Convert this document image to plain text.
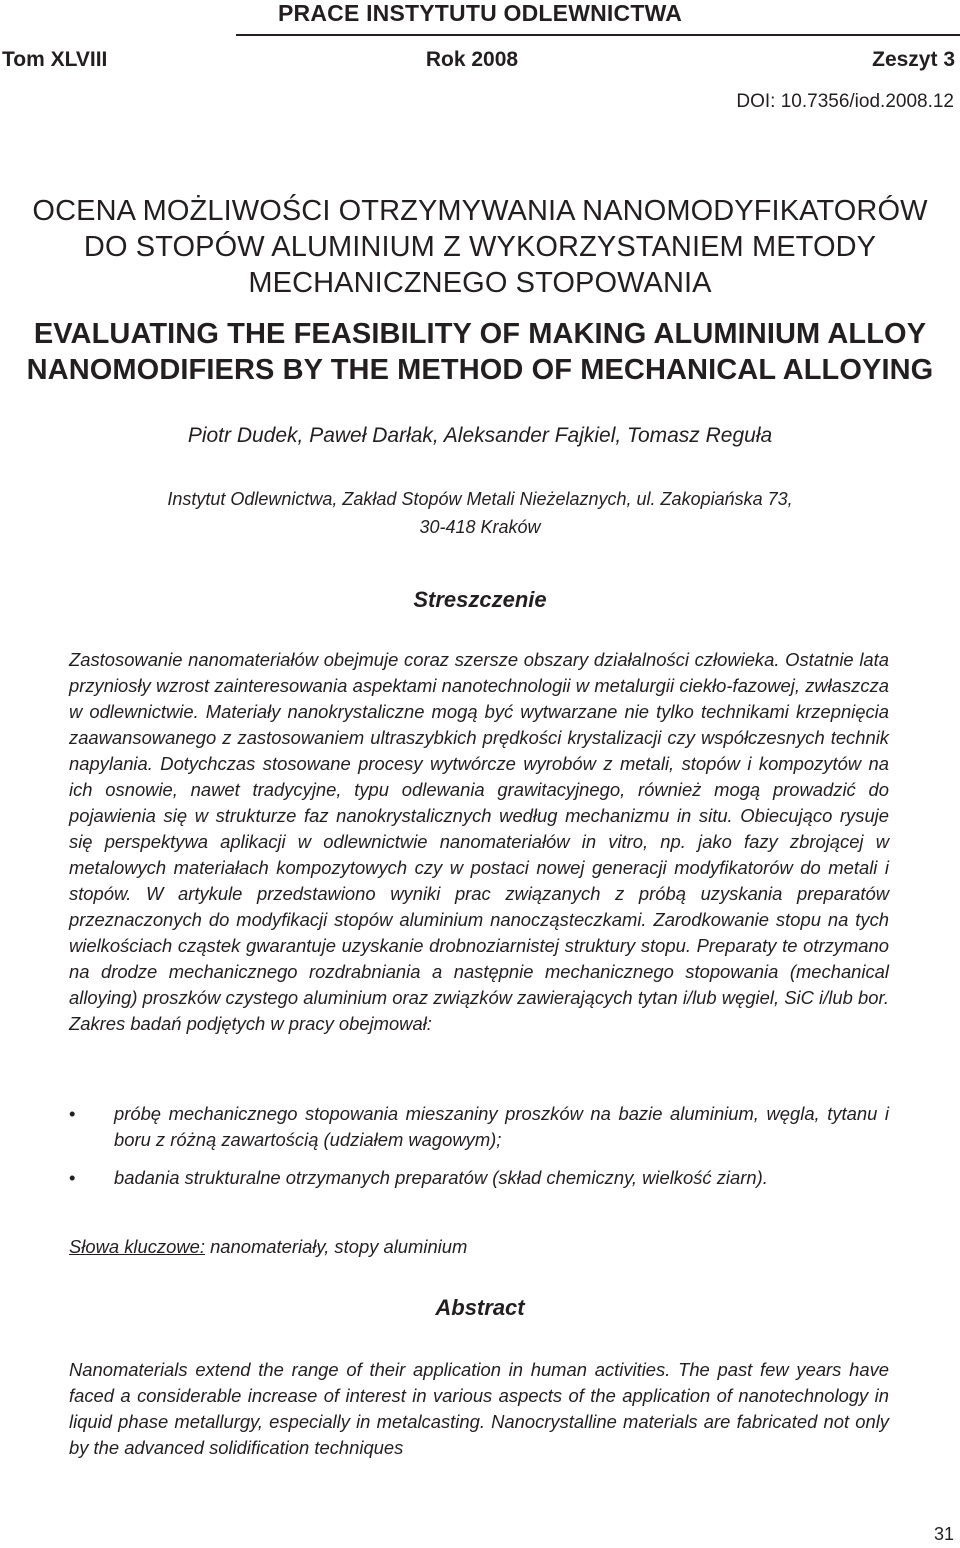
PRACE INSTYTUTU ODLEWNICTWA
Tom XLVIII	Rok 2008	Zeszyt 3
DOI: 10.7356/iod.2008.12
OCENA MOŻLIWOŚCI OTRZYMYWANIA NANOMODYFIKATORÓW
DO STOPÓW ALUMINIUM Z WYKORZYSTANIEM METODY
MECHANICZNEGO STOPOWANIA
EVALUATING THE FEASIBILITY OF MAKING ALUMINIUM ALLOY
NANOMODIFIERS BY THE METHOD OF MECHANICAL ALLOYING
Piotr Dudek, Paweł Darłak, Aleksander Fajkiel, Tomasz Reguła
Instytut Odlewnictwa, Zakład Stopów Metali Nieżelaznych, ul. Zakopiańska 73,
30-418 Kraków
Streszczenie

Zastosowanie nanomateriałów obejmuje coraz szersze obszary działalności człowieka. Ostatnie lata przyniosły wzrost zainteresowania aspektami nanotechnologii w metalurgii ciekło-fazowej, zwłaszcza w odlewnictwie. Materiały nanokrystaliczne mogą być wytwarzane nie tylko technikami krzepnięcia zaawansowanego z zastosowaniem ultraszybkich prędkości krystalizacji czy współczesnych technik napylania. Dotychczas stosowane procesy wytwórcze wyrobów z metali, stopów i kompozytów na ich osnowie, nawet tradycyjne, typu odlewania grawitacyjnego, również mogą prowadzić do pojawienia się w strukturze faz nanokrystalicznych według mechanizmu in situ. Obiecująco rysuje się perspektywa aplikacji w odlewnictwie nanomateriałów in vitro, np. jako fazy zbrojącej w metalowych materiałach kompozytowych czy w postaci nowej generacji modyfikatorów do metali i stopów. W artykule przedstawiono wyniki prac związanych z próbą uzyskania preparatów przeznaczonych do modyfikacji stopów aluminium nanocząsteczkami. Zarodkowanie stopu na tych wielkościach cząstek gwarantuje uzyskanie drobnoziarnistej struktury stopu. Preparaty te otrzymano na drodze mechanicznego rozdrabniania a następnie mechanicznego stopowania (mechanical alloying) proszków czystego aluminium oraz związków zawierających tytan i/lub węgiel, SiC i/lub bor. Zakres badań podjętych w pracy obejmował:

• próbę mechanicznego stopowania mieszaniny proszków na bazie aluminium, węgla, tytanu i boru z różną zawartością (udziałem wagowym);
• badania strukturalne otrzymanych preparatów (skład chemiczny, wielkość ziarn).
Słowa kluczowe: nanomateriały, stopy aluminium
Abstract

Nanomaterials extend the range of their application in human activities. The past few years have faced a considerable increase of interest in various aspects of the application of nanotechnology in liquid phase metallurgy, especially in metalcasting. Nanocrystalline materials are fabricated not only by the advanced solidification techniques

31
